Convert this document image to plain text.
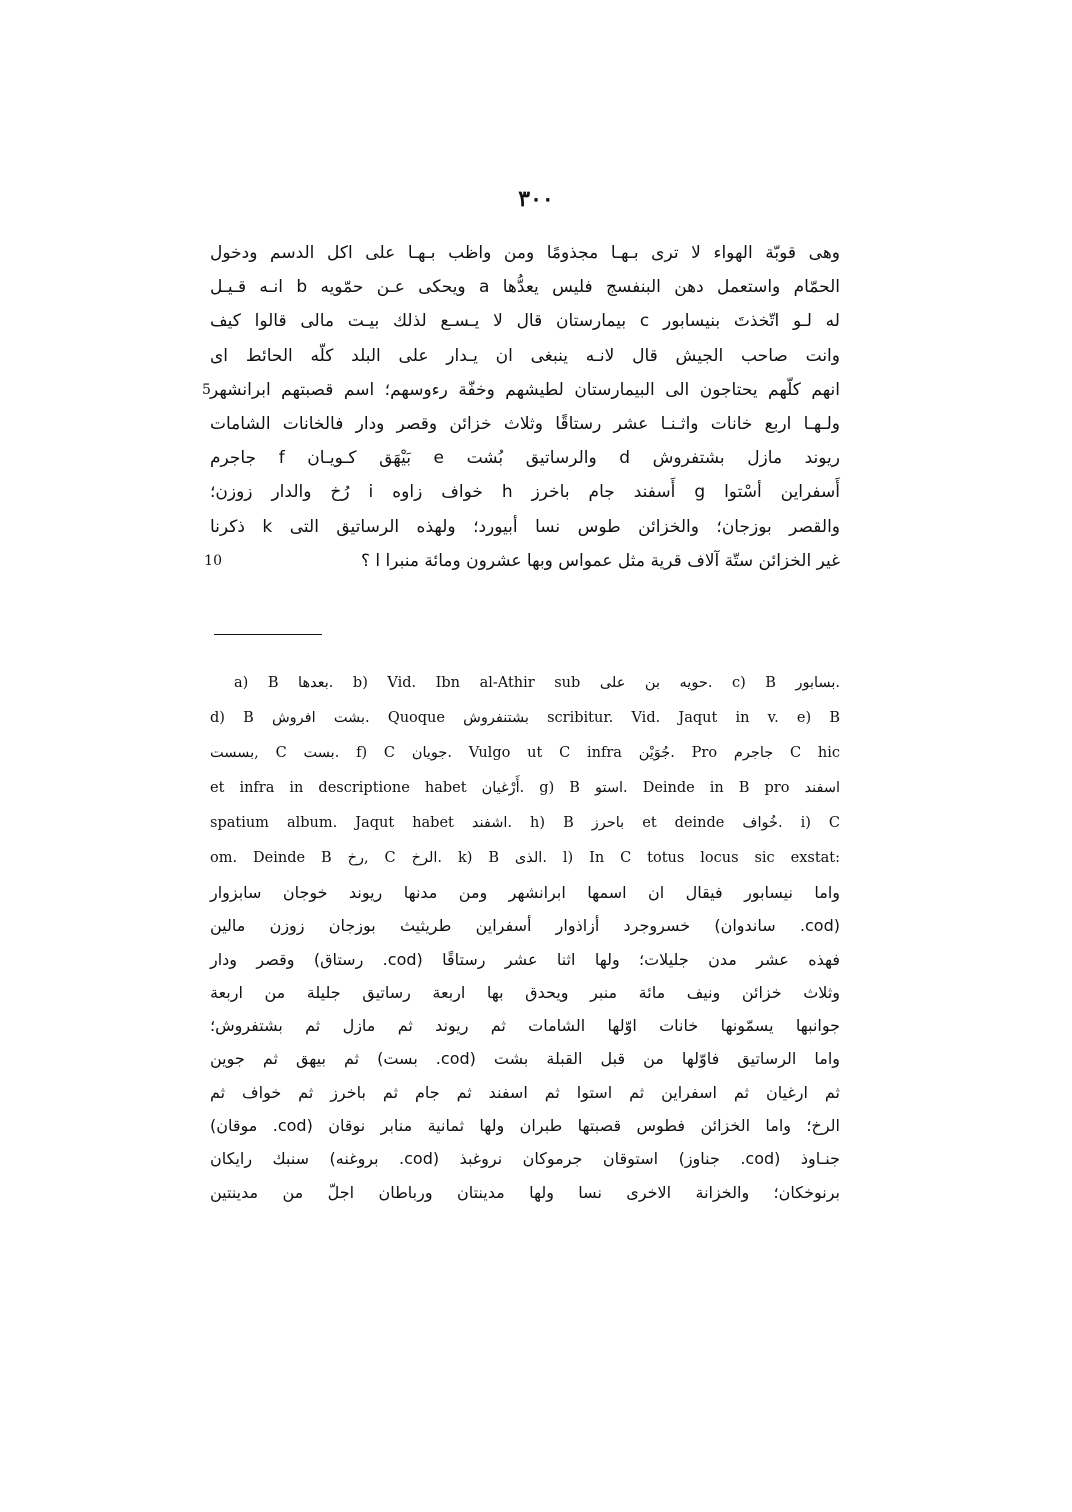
٣٠٠
وهى قوبّة الهواء لا ترى بـهـا مجذومًا ومن واظب بـهـا على اكل الدسم ودخول
الحمّام واستعمل دهن البنفسج فليس يعدُّها a ويحكى عـن حمّويه b انـه قـيـل
له لـو اتّخذتَ بنيسابور c بيمارستان قال لا يـسـع لذلك بيـت مالى قالوا كيف
وانت صاحب الجيش قال لانـه ينبغى ان يـدار على البلد كلّه الحائط اى
5 انهم كلّهم يحتاجون الى البيمارستان لطيشهم وخفّة رءوسهم؛ اسم قصبتهم ابرانشهر
ولـهـا اربع خانات واثـنـا عشر رستاقًا وثلاث خزائن وقصر ودار فالخانات الشامات
ريوند مازل بشتفروش d والرساتيق بُشت e بَيْهَق كـويـان f جاجرم
أَسفراين أسْتوا g أَسفند جام باخرز h خواف زاوه i رُخ والدار زوزن؛
والقصر بوزجان؛ والخزائن طوس نسا أبيورد؛ ولهذه الرساتيق التى k ذكرنا
10	غير الخزائن ستّة آلاف قرية مثل عمواس وبها عشرون ومائة منبرا l ؟
a) B بعدها. b) Vid. Ibn al-Athir sub حويه بن على. c) B بسابور.
d) B بشت افروش. Quoque بشتنفروش scribitur. Vid. Jaqut in v. e) B
بسست, C بست. f) C جويان. Vulgo ut C infra جُوَيْن. Pro جاجرم C hic
et infra in descriptione habet أَرْغيان. g) B استو. Deinde in B pro اسفند
spatium album. Jaqut habet اشفند. h) B باحرز et deinde خُواف. i) C
om. Deinde B رخ, C الرخ. k) B الذى. l) In C totus locus sic exstat:
واما نيسابور فيقال ان اسمها ابرانشهر ومن مدنها ريوند خوجان سابزوار
(cod. ساندوان) خسروجرد أزاذوار أسفراين طريثيث بوزجان زوزن مالين
فهذه عشر مدن جليلات؛ ولها اثنا عشر رستاقًا (cod. رستاق) وقصر ودار
وثلاث خزائن ونيف مائة منبر ويحدق بها اربعة رساتيق جليلة من اربعة
جوانبها يسمّونها خانات اوّلها الشامات ثم ريوند ثم مازل ثم بشتفروش؛
واما الرساتيق فاوّلها من قبل القبلة بشت (cod. بست) ثم بيهق ثم جوين
ثم ارغيان ثم اسفراين ثم استوا ثم اسفند ثم جام ثم باخرز ثم خواف ثم
الرخ؛ واما الخزائن فطوس قصبتها طبران ولها ثمانية منابر نوقان (cod. موقان)
جنـاوذ (cod. جناوز) استوقان جرموكان نروغبذ (cod. بروغنه) سنبك رايكان
برنوخكان؛ والخزانة الاخرى نسا ولها مدينتان ورباطان اجلّ من مدينتين
